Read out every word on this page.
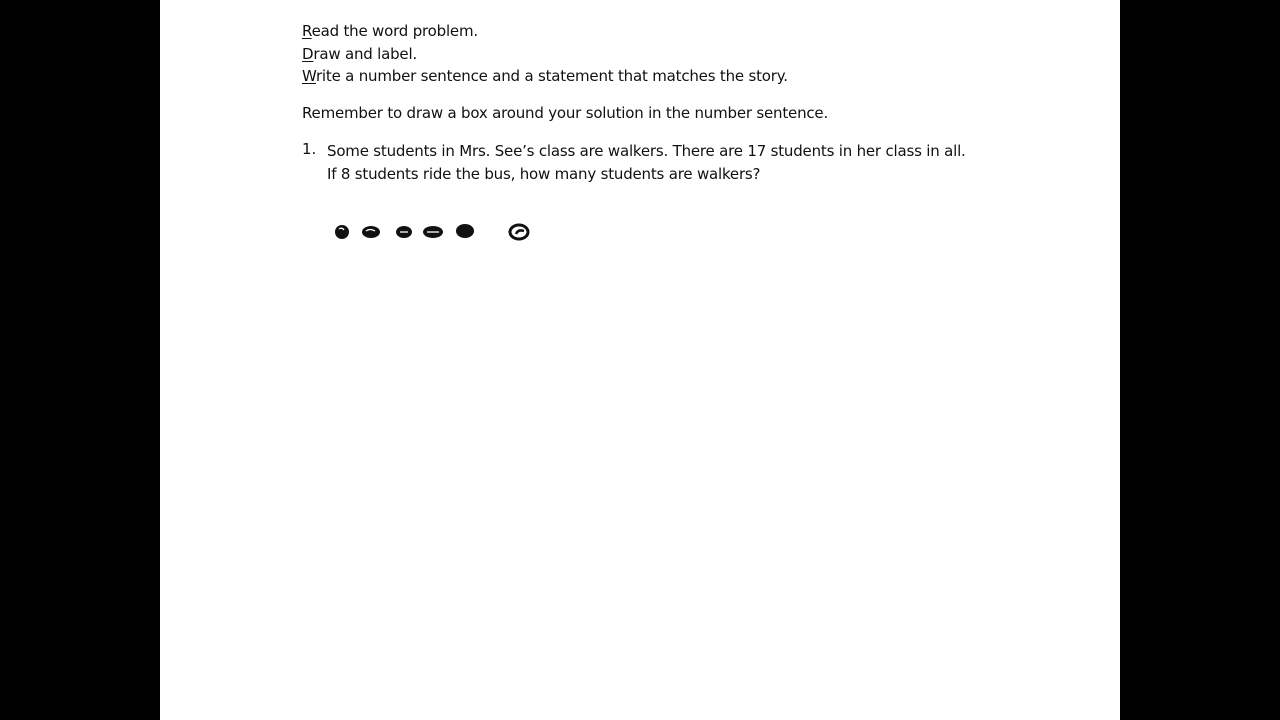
Read the word problem.
Draw and label.
Write a number sentence and a statement that matches the story.
Remember to draw a box around your solution in the number sentence.
1. Some students in Mrs. See’s class are walkers. There are 17 students in her class in all. If 8 students ride the bus, how many students are walkers?
